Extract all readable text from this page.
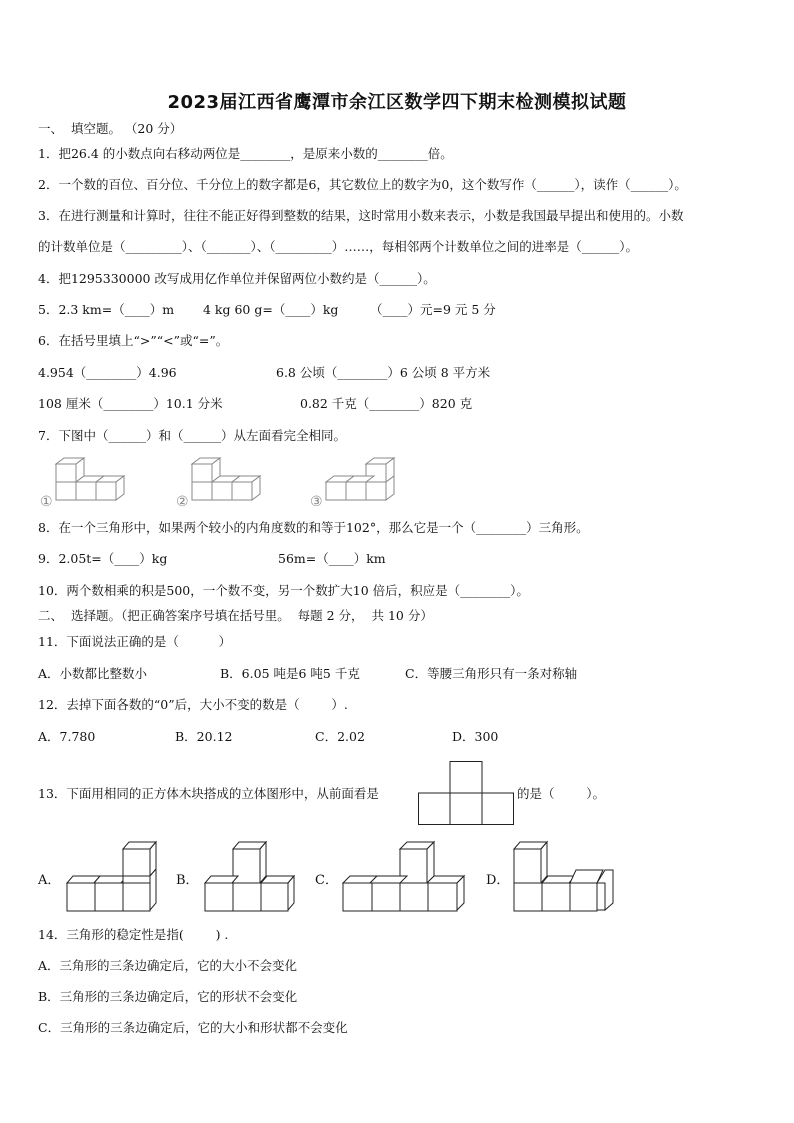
2023届江西省鹰潭市余江区数学四下期末检测模拟试题
一、  填空题。 （20 分）
1．把26.4 的小数点向右移动两位是________，是原来小数的________倍。
2．一个数的百位、百分位、千分位上的数字都是6，其它数位上的数字为0，这个数写作（______），读作（______）。
3．在进行测量和计算时，往往不能正好得到整数的结果，这时常用小数来表示，小数是我国最早提出和使用的。小数
的计数单位是（_________）、（_______）、（_________）……，每相邻两个计数单位之间的进率是（______）。
4．把1295330000 改写成用亿作单位并保留两位小数约是（______）。
5．2.3 km=（____）m 4 kg 60 g=（____）kg	（____）元=9 元 5 分
6．在括号里填上“>”“<”或“=”。
4.954（________）4.96	6.8 公顷（________）6 公顷 8 平方米
108 厘米（________）10.1 分米	0.82 千克（________）820 克
7．下图中（______）和（______）从左面看完全相同。
①	②	③
8．在一个三角形中，如果两个较小的内角度数的和等于102°，那么它是一个（________）三角形。
9．2.05t=（____）kg	56m=（____）km
10．两个数相乘的积是500，一个数不变，另一个数扩大10 倍后，积应是（________）。
二、  选择题。（把正确答案序号填在括号里。  每题 2 分，  共 10 分）
11．下面说法正确的是（          ）
A．小数都比整数小	B．6.05 吨是6 吨5 千克	C．等腰三角形只有一条对称轴
12．去掉下面各数的“0”后，大小不变的数是（        ）.
A．7.780	B．20.12	C．2.02	D．300
13．下面用相同的正方体木块搭成的立体图形中，从前面看是	的是（        ）。
A．	B．	C．	D．
14．三角形的稳定性是指(        ) .
A．三角形的三条边确定后，它的大小不会变化
B．三角形的三条边确定后，它的形状不会变化
C．三角形的三条边确定后，它的大小和形状都不会变化
